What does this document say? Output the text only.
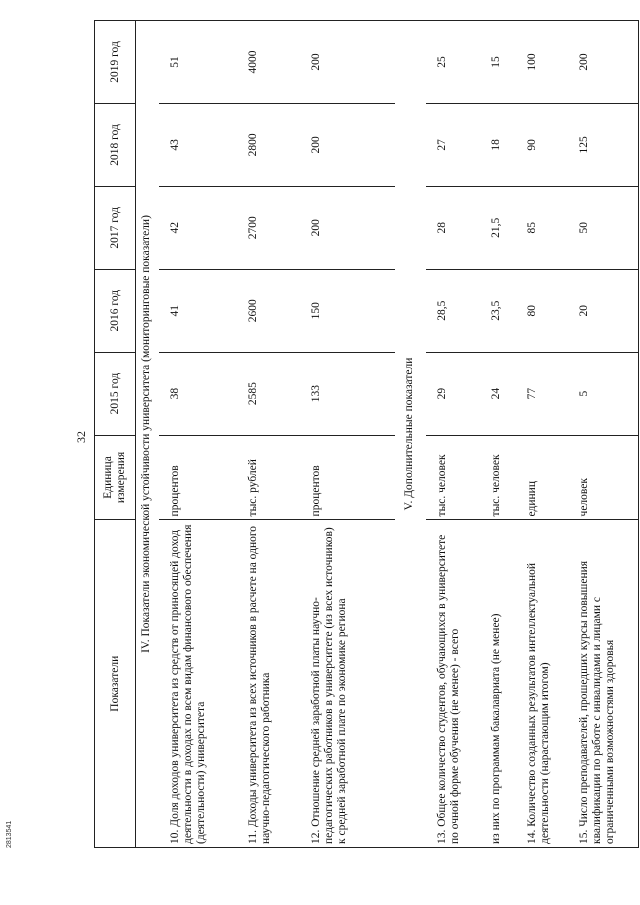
2813541
32
Показатели	Единица измерения	2015 год	2016 год	2017 год	2018 год	2019 год
IV. Показатели экономической устойчивости университета (мониторинговые показатели)						
10. Доля доходов университета из средств от приносящей доход деятельности в доходах по всем видам финансового обеспечения (деятельности) университета	процентов	38	41	42	43	51
11. Доходы университета из всех источников в расчете на одного научно-педагогического работника	тыс. рублей	2585	2600	2700	2800	4000
12. Отношение средней заработной платы научно-педагогических работников в университете (из всех источников) к средней заработной плате по экономике региона	процентов	133	150	200	200	200
V. Дополнительные показатели						
13. Общее количество студентов, обучающихся в университете по очной форме обучения (не менее) - всего	тыс. человек	29	28,5	28	27	25
из них по программам бакалавриата (не менее)	тыс. человек	24	23,5	21,5	18	15
14. Количество созданных результатов интеллектуальной деятельности (нарастающим итогом)	единиц	77	80	85	90	100
15. Число преподавателей, прошедших курсы повышения квалификации по работе с инвалидами и лицами с ограниченными возможностями здоровья	человек	5	20	50	125	200
